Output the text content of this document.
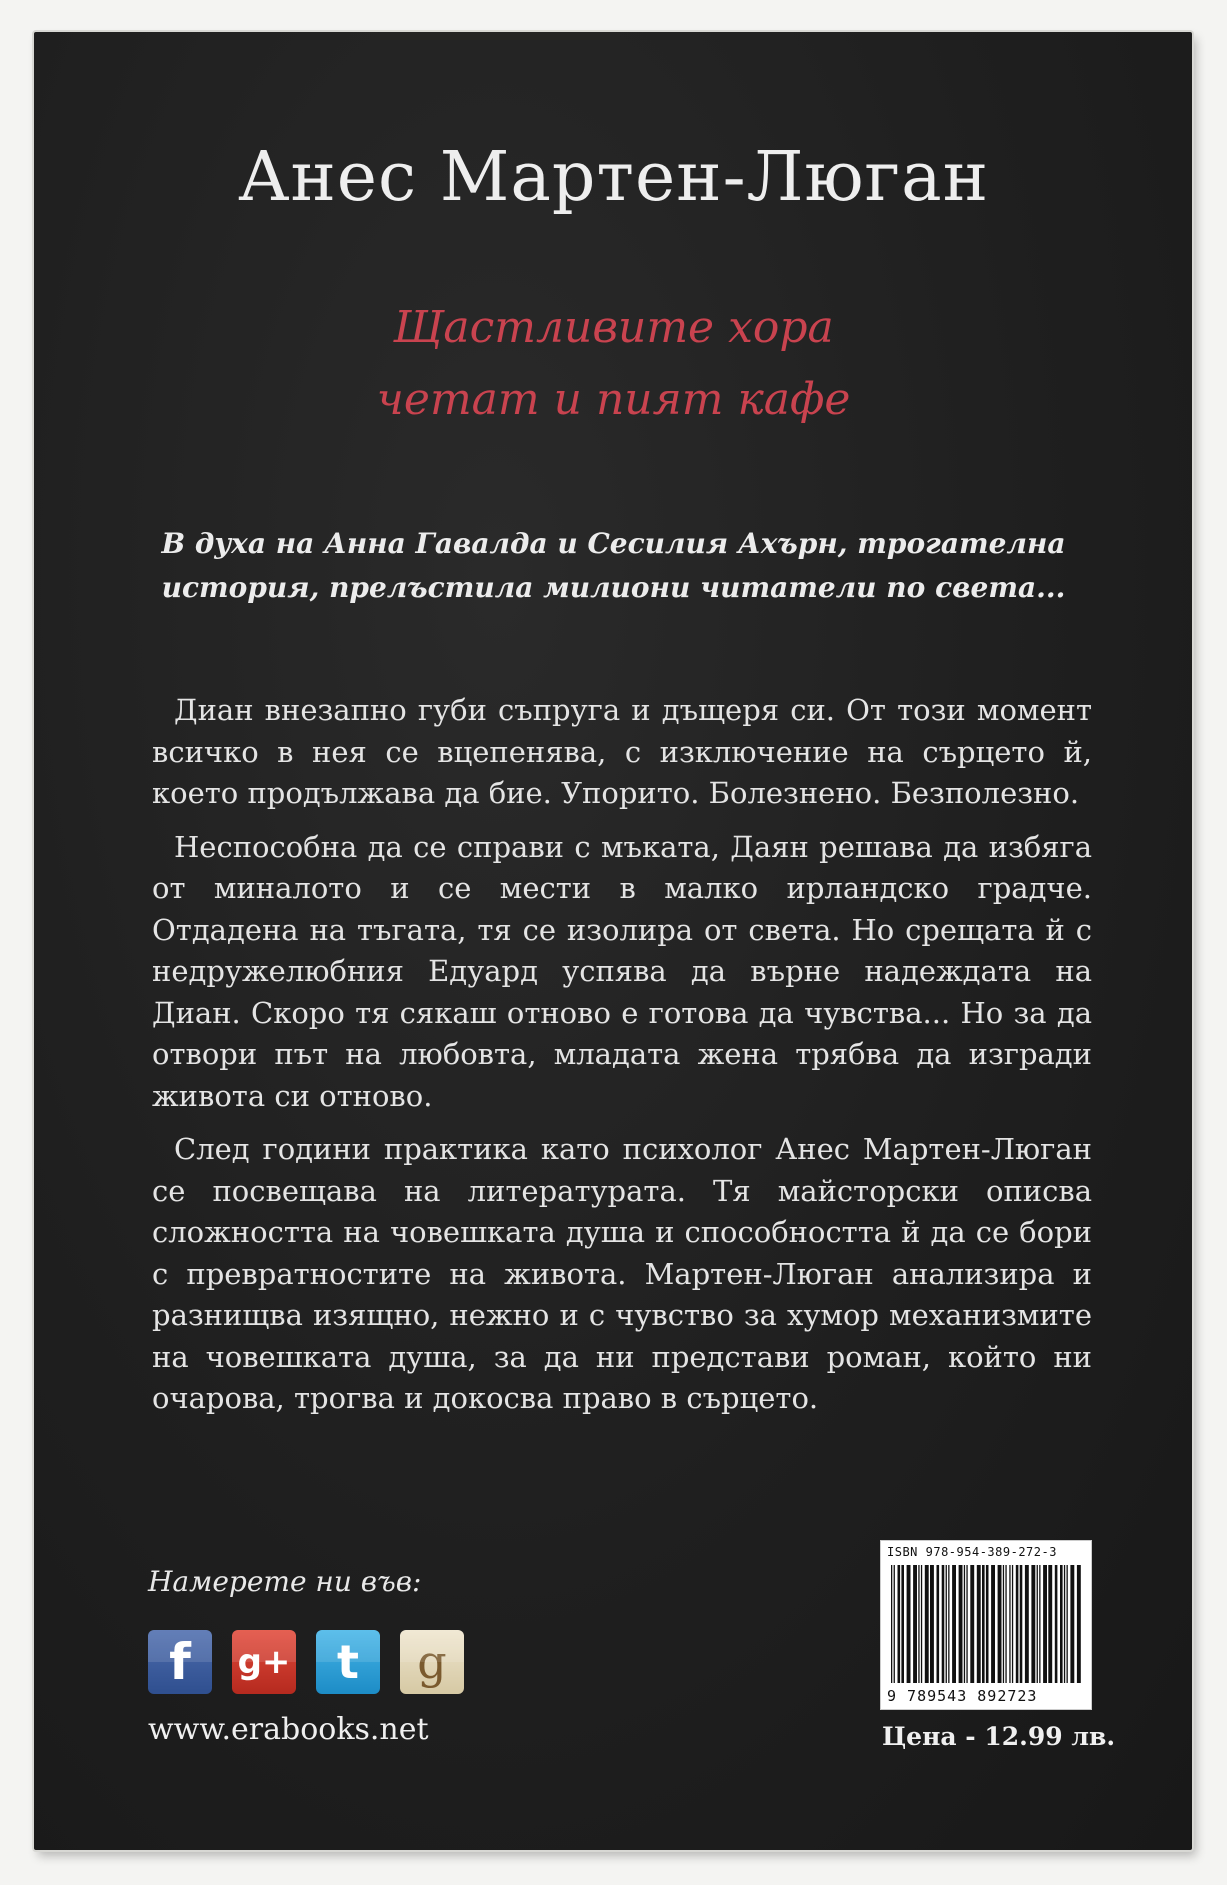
Анес Мартен-Люган
Щастливите хора
четат и пият кафе
В духа на Анна Гавалда и Сесилия Ахърн, трогателна
история, прелъстила милиони читатели по света...

Диан внезапно губи съпруга и дъщеря си. От този момент всичко в нея се вцепенява, с изключение на сърцето й, което продължава да бие. Упорито. Болезнено. Безполезно.

Неспособна да се справи с мъката, Даян решава да избяга от миналото и се мести в малко ирландско градче. Отдадена на тъгата, тя се изолира от света. Но срещата й с недружелюбния Едуард успява да върне надеждата на Диан. Скоро тя сякаш отново е готова да чувства... Но за да отвори път на любовта, младата жена трябва да изгради живота си отново.

След години практика като психолог Анес Мартен-Люган се посвещава на литературата. Тя майсторски описва сложността на човешката душа и способността й да се бори с превратностите на живота. Мартен-Люган анализира и разнищва изящно, нежно и с чувство за хумор механизмите на човешката душа, за да ни представи роман, който ни очарова, трогва и докосва право в сърцето.

Намерете ни във:
f g+ t g
www.erabooks.net
ISBN 978-954-389-272-3
9 789543 892723
Цена - 12.99 лв.
